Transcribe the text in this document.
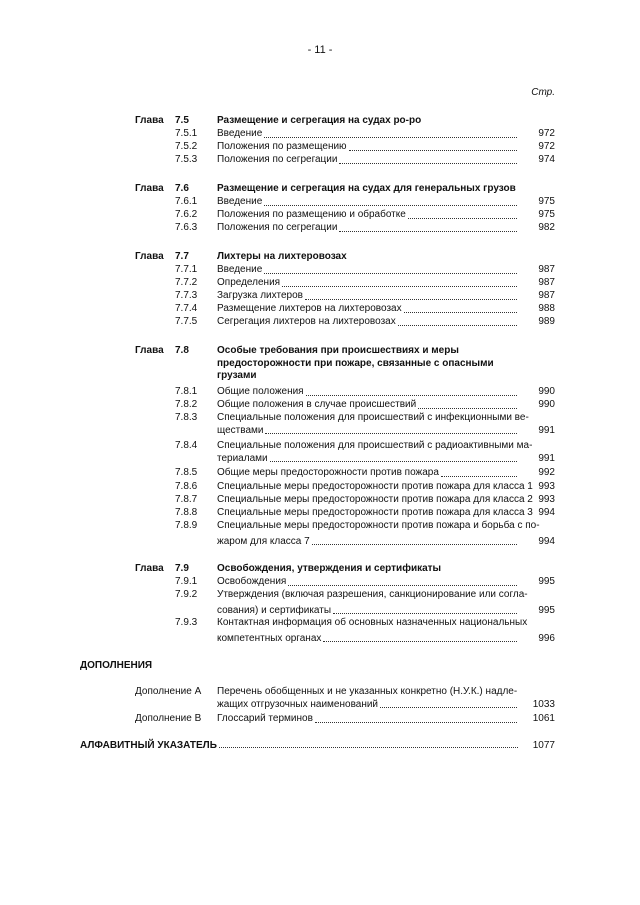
- 11 -
Стр.
Глава 7.5	Размещение и сегрегация на судах ро-ро
7.5.1 Введение	972
7.5.2 Положения по размещению	972
7.5.3 Положения по сегрегации	974
Глава 7.6	Размещение и сегрегация на судах для генеральных грузов
7.6.1 Введение	975
7.6.2 Положения по размещению и обработке	975
7.6.3 Положения по сегрегации	982
Глава 7.7	Лихтеры на лихтеровозах
7.7.1 Введение	987
7.7.2 Определения	987
7.7.3 Загрузка лихтеров	987
7.7.4 Размещение лихтеров на лихтеровозах	988
7.7.5 Сегрегация лихтеров на лихтеровозах	989
Глава 7.8	Особые требования при происшествиях и меры
предосторожности при пожаре, связанные с опасными
грузами
7.8.1 Общие положения	990
7.8.2 Общие положения в случае происшествий	990
7.8.3 Специальные положения для происшествий с инфекционными ве-
ществами	991
7.8.4 Специальные положения для происшествий с радиоактивными ма-
териалами	991
7.8.5 Общие меры предосторожности против пожара	992
7.8.6 Специальные меры предосторожности против пожара для класса 1 993
7.8.7 Специальные меры предосторожности против пожара для класса 2 993
7.8.8 Специальные меры предосторожности против пожара для класса 3 994
7.8.9 Специальные меры предосторожности против пожара и борьба с по-
жаром для класса 7	994
Глава 7.9	Освобождения, утверждения и сертификаты
7.9.1 Освобождения	995
7.9.2 Утверждения (включая разрешения, санкционирование или согла-
сования) и сертификаты	995
7.9.3 Контактная информация об основных назначенных национальных
компетентных органах	996
ДОПОЛНЕНИЯ
Дополнение А Перечень обобщенных и не указанных конкретно (Н.У.К.) надле-
жащих отгрузочных наименований	1033
Дополнение В Глоссарий терминов	1061
АЛФАВИТНЫЙ УКАЗАТЕЛЬ	1077
